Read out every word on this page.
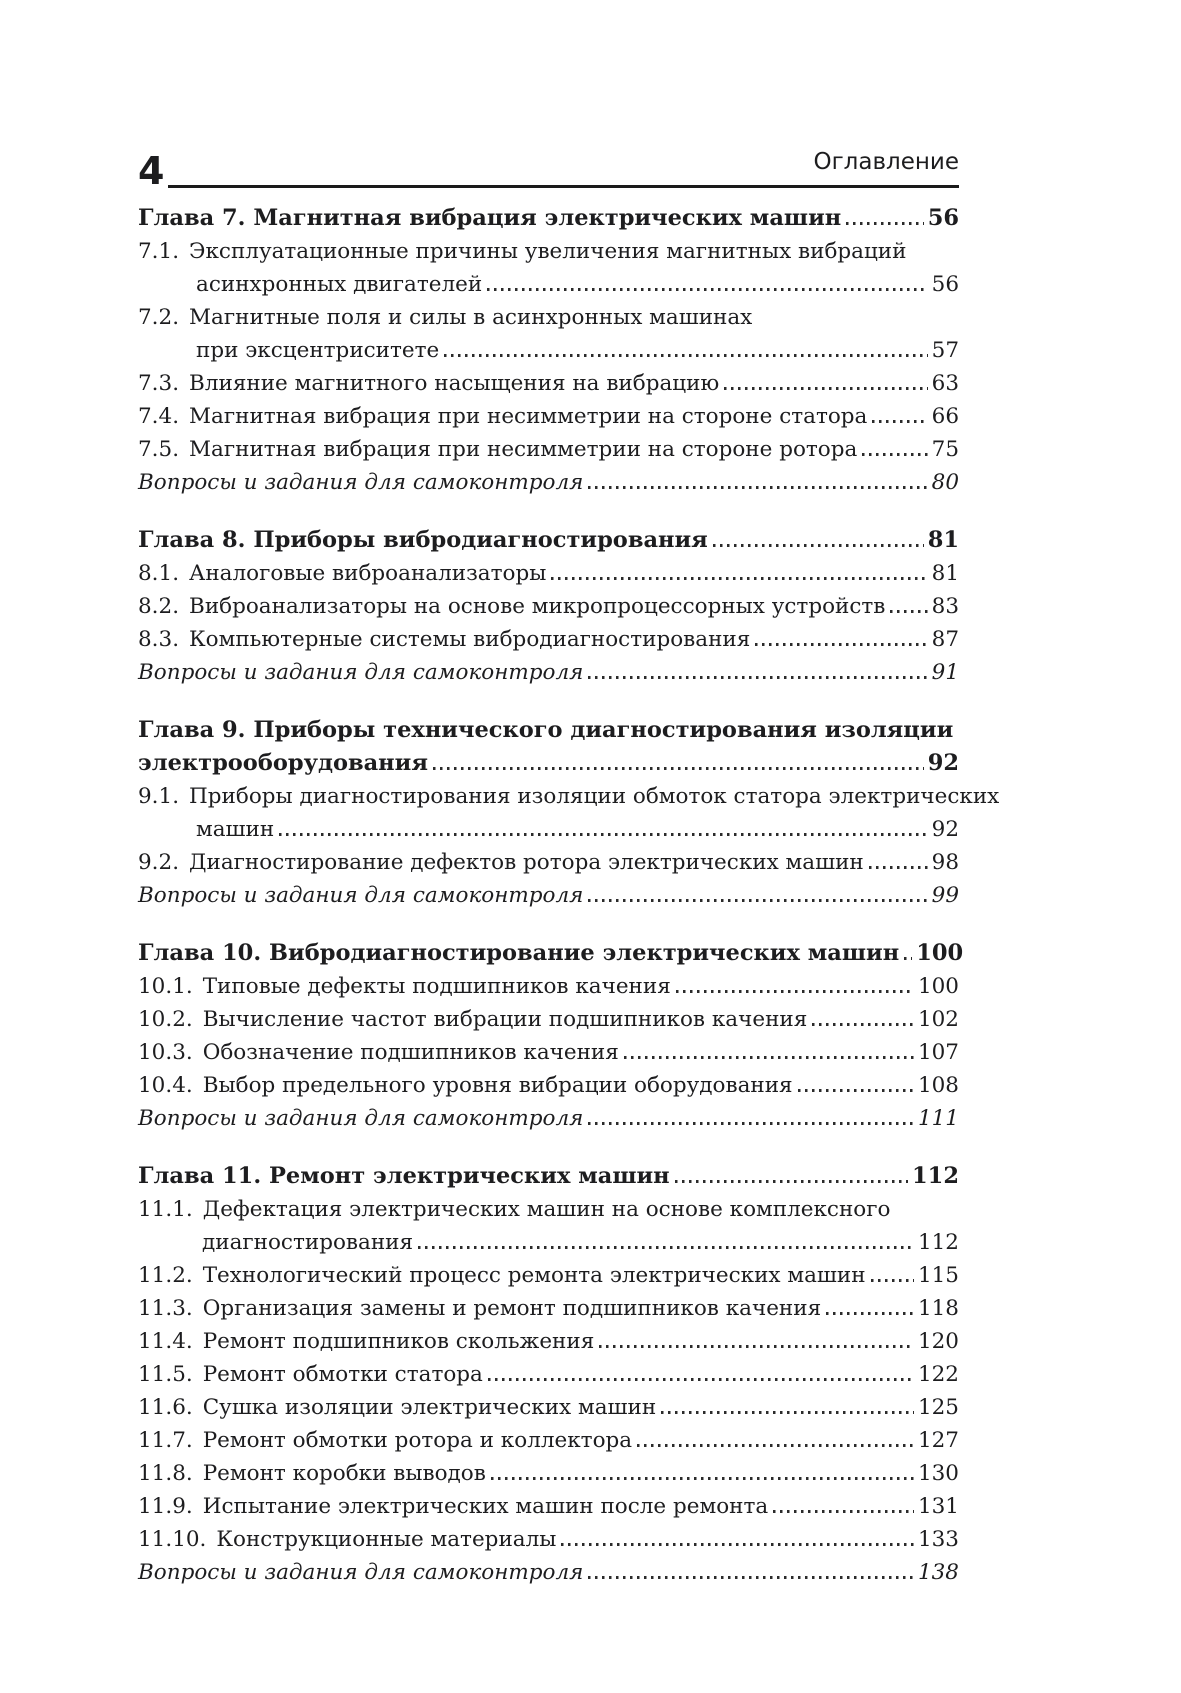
4	Оглавление
Глава 7. Магнитная вибрация электрических машин	56
7.1. Эксплуатационные причины увеличения магнитных вибраций
асинхронных двигателей	56
7.2. Магнитные поля и силы в асинхронных машинах
при эксцентриситете	57
7.3. Влияние магнитного насыщения на вибрацию	63
7.4. Магнитная вибрация при несимметрии на стороне статора	66
7.5. Магнитная вибрация при несимметрии на стороне ротора	75
Вопросы и задания для самоконтроля	80
Глава 8. Приборы вибродиагностирования	81
8.1. Аналоговые виброанализаторы	81
8.2. Виброанализаторы на основе микропроцессорных устройств 83
8.3. Компьютерные системы вибродиагностирования	87
Вопросы и задания для самоконтроля	91
Глава 9. Приборы технического диагностирования изоляции
электрооборудования	92
9.1. Приборы диагностирования изоляции обмоток статора электрических
машин	92
9.2. Диагностирование дефектов ротора электрических машин	98
Вопросы и задания для самоконтроля	99
Глава 10. Вибродиагностирование электрических машин 100
10.1. Типовые дефекты подшипников качения	100
10.2. Вычисление частот вибрации подшипников качения	102
10.3. Обозначение подшипников качения	107
10.4. Выбор предельного уровня вибрации оборудования	108
Вопросы и задания для самоконтроля	111
Глава 11. Ремонт электрических машин	112
11.1. Дефектация электрических машин на основе комплексного
диагностирования	112
11.2. Технологический процесс ремонта электрических машин 115
11.3. Организация замены и ремонт подшипников качения	118
11.4. Ремонт подшипников скольжения	120
11.5. Ремонт обмотки статора	122
11.6. Сушка изоляции электрических машин	125
11.7. Ремонт обмотки ротора и коллектора	127
11.8. Ремонт коробки выводов	130
11.9. Испытание электрических машин после ремонта	131
11.10. Конструкционные материалы	133
Вопросы и задания для самоконтроля	138
